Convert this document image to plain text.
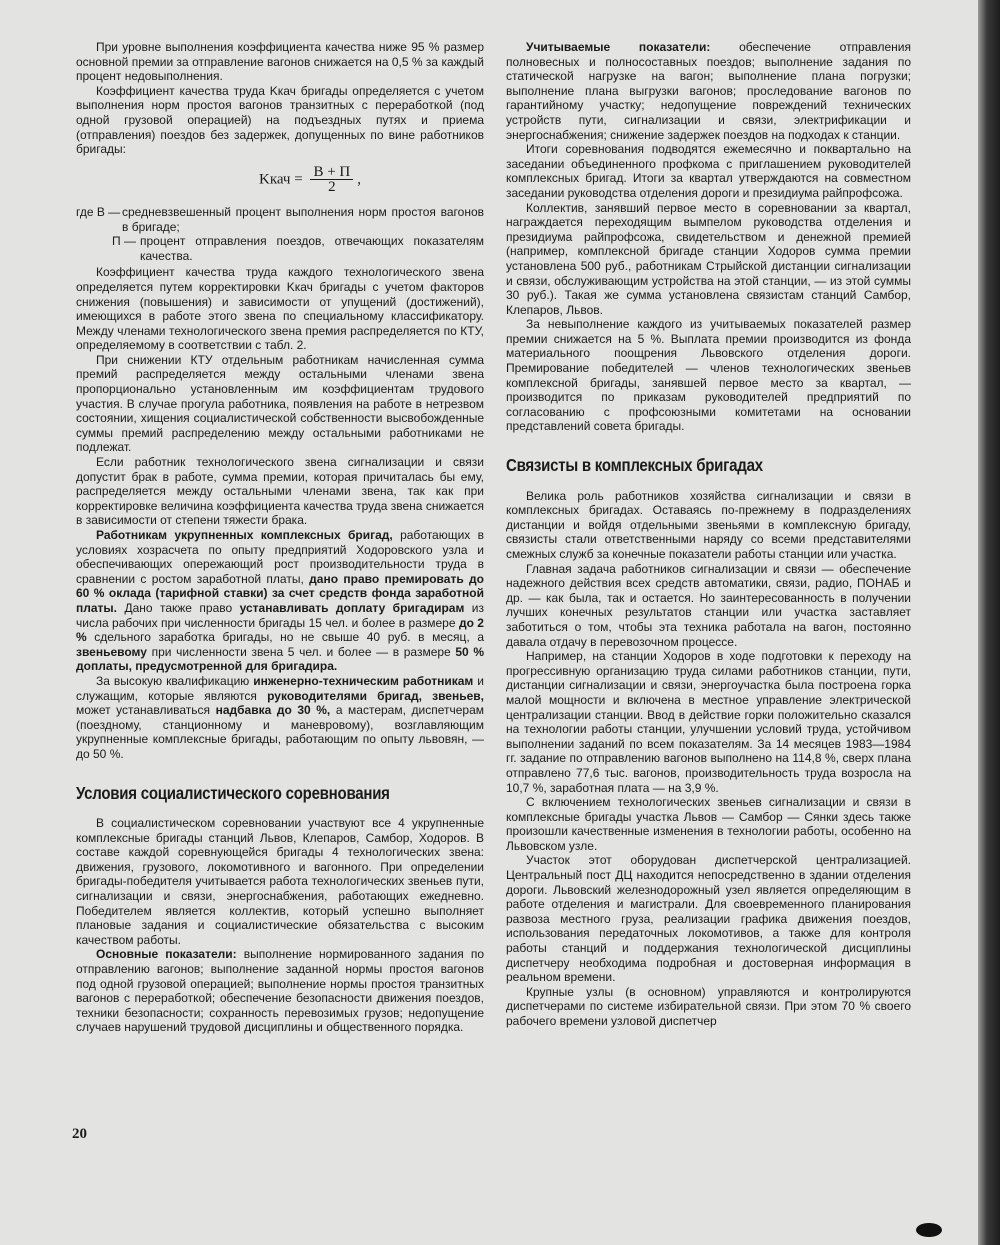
При уровне выполнения коэффициента качества ниже 95 % размер основной премии за отправление вагонов снижается на 0,5 % за каждый процент недовыполнения.

Коэффициент качества труда Kкач бригады определяется с учетом выполнения норм простоя вагонов транзитных с переработкой (под одной грузовой операцией) на подъездных путях и приема (отправления) поездов без задержек, допущенных по вине работников бригады:

Kкач = $\frac{В + П}{2}$ ,
где В — средневзвешенный процент выполнения норм простоя вагонов в бригаде;
П — процент отправления поездов, отвечающих показателям качества.

Коэффициент качества труда каждого технологического звена определяется путем корректировки Kкач бригады с учетом факторов снижения (повышения) и зависимости от упущений (достижений), имеющихся в работе этого звена по специальному классификатору. Между членами технологического звена премия распределяется по КТУ, определяемому в соответствии с табл. 2.

При снижении КТУ отдельным работникам начисленная сумма премий распределяется между остальными членами звена пропорционально установленным им коэффициентам трудового участия. В случае прогула работника, появления на работе в нетрезвом состоянии, хищения социалистической собственности высвобожденные суммы премий распределению между остальными работниками не подлежат.

Если работник технологического звена сигнализации и связи допустит брак в работе, сумма премии, которая причиталась бы ему, распределяется между остальными членами звена, так как при корректировке величина коэффициента качества труда звена снижается в зависимости от степени тяжести брака.

Работникам укрупненных комплексных бригад, работающих в условиях хозрасчета по опыту предприятий Ходоровского узла и обеспечивающих опережающий рост производительности труда в сравнении с ростом заработной платы, дано право премировать до 60 % оклада (тарифной ставки) за счет средств фонда заработной платы. Дано также право устанавливать доплату бригадирам из числа рабочих при численности бригады 15 чел. и более в размере до 2 % сдельного заработка бригады, но не свыше 40 руб. в месяц, а звеньевому при численности звена 5 чел. и более — в размере 50 % доплаты, предусмотренной для бригадира.

За высокую квалификацию инженерно-техническим работникам и служащим, которые являются руководителями бригад, звеньев, может устанавливаться надбавка до 30 %, а мастерам, диспетчерам (поездному, станционному и маневровому), возглавляющим укрупненные комплексные бригады, работающим по опыту львовян, — до 50 %.

Условия социалистического соревнования

В социалистическом соревновании участвуют все 4 укрупненные комплексные бригады станций Львов, Клепаров, Самбор, Ходоров. В составе каждой соревнующейся бригады 4 технологических звена: движения, грузового, локомотивного и вагонного. При определении бригады-победителя учитывается работа технологических звеньев пути, сигнализации и связи, энергоснабжения, работающих ежедневно. Победителем является коллектив, который успешно выполняет плановые задания и социалистические обязательства с высоким качеством работы.

Основные показатели: выполнение нормированного задания по отправлению вагонов; выполнение заданной нормы простоя вагонов под одной грузовой операцией; выполнение нормы простоя транзитных вагонов с переработкой; обеспечение безопасности движения поездов, техники безопасности; сохранность перевозимых грузов; недопущение случаев нарушений трудовой дисциплины и общественного порядка.

Учитываемые показатели: обеспечение отправления полновесных и полносоставных поездов; выполнение задания по статической нагрузке на вагон; выполнение плана погрузки; выполнение плана выгрузки вагонов; проследование вагонов по гарантийному участку; недопущение повреждений технических устройств пути, сигнализации и связи, электрификации и энергоснабжения; снижение задержек поездов на подходах к станции.

Итоги соревнования подводятся ежемесячно и поквартально на заседании объединенного профкома с приглашением руководителей комплексных бригад. Итоги за квартал утверждаются на совместном заседании руководства отделения дороги и президиума райпрофсожа.

Коллектив, занявший первое место в соревновании за квартал, награждается переходящим вымпелом руководства отделения и президиума райпрофсожа, свидетельством и денежной премией (например, комплексной бригаде станции Ходоров сумма премии установлена 500 руб., работникам Стрыйской дистанции сигнализации и связи, обслуживающим устройства на этой станции, — из этой суммы 30 руб.). Такая же сумма установлена связистам станций Самбор, Клепаров, Львов.

За невыполнение каждого из учитываемых показателей размер премии снижается на 5 %. Выплата премии производится из фонда материального поощрения Львовского отделения дороги. Премирование победителей — членов технологических звеньев комплексной бригады, занявшей первое место за квартал, — производится по приказам руководителей предприятий по согласованию с профсоюзными комитетами на основании представлений совета бригады.

Связисты в комплексных бригадах

Велика роль работников хозяйства сигнализации и связи в комплексных бригадах. Оставаясь по-прежнему в подразделениях дистанции и войдя отдельными звеньями в комплексную бригаду, связисты стали ответственными наряду со всеми представителями смежных служб за конечные показатели работы станции или участка.

Главная задача работников сигнализации и связи — обеспечение надежного действия всех средств автоматики, связи, радио, ПОНАБ и др. — как была, так и остается. Но заинтересованность в получении лучших конечных результатов станции или участка заставляет заботиться о том, чтобы эта техника работала на вагон, постоянно давала отдачу в перевозочном процессе.

Например, на станции Ходоров в ходе подготовки к переходу на прогрессивную организацию труда силами работников станции, пути, дистанции сигнализации и связи, энергоучастка была построена горка малой мощности и включена в местное управление электрической централизации станции. Ввод в действие горки положительно сказался на технологии работы станции, улучшении условий труда, устойчивом выполнении заданий по всем показателям. За 14 месяцев 1983—1984 гг. задание по отправлению вагонов выполнено на 114,8 %, сверх плана отправлено 77,6 тыс. вагонов, производительность труда возросла на 10,7 %, заработная плата — на 3,9 %.

С включением технологических звеньев сигнализации и связи в комплексные бригады участка Львов — Самбор — Сянки здесь также произошли качественные изменения в технологии работы, особенно на Львовском узле.

Участок этот оборудован диспетчерской централизацией. Центральный пост ДЦ находится непосредственно в здании отделения дороги. Львовский железнодорожный узел является определяющим в работе отделения и магистрали. Для своевременного планирования развоза местного груза, реализации графика движения поездов, использования передаточных локомотивов, а также для контроля работы станций и поддержания технологической дисциплины диспетчеру необходима подробная и достоверная информация в реальном времени.

Крупные узлы (в основном) управляются и контролируются диспетчерами по системе избирательной связи. При этом 70 % своего рабочего времени узловой диспетчер

20
